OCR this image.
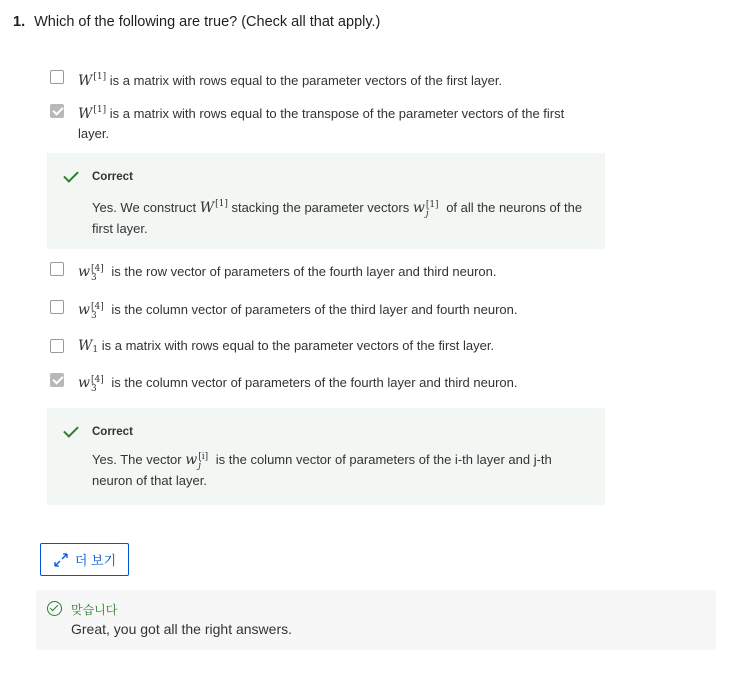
1. Which of the following are true? (Check all that apply.)
W[1] is a matrix with rows equal to the parameter vectors of the first layer.
W[1] is a matrix with rows equal to the transpose of the parameter vectors of the first layer.
Correct
Yes. We construct W[1] stacking the parameter vectors w [1]
j	of all the neurons of the first layer.
w [4]
3	is the row vector of parameters of the fourth layer and third neuron.
w [4]
3	is the column vector of parameters of the third layer and fourth neuron.
W1 is a matrix with rows equal to the parameter vectors of the first layer.
w [4]
3	is the column vector of parameters of the fourth layer and third neuron.
Correct
Yes. The vector w [i]
j	is the column vector of parameters of the i-th layer and j-th neuron of that layer.
더 보기
맞습니다
Great, you got all the right answers.
